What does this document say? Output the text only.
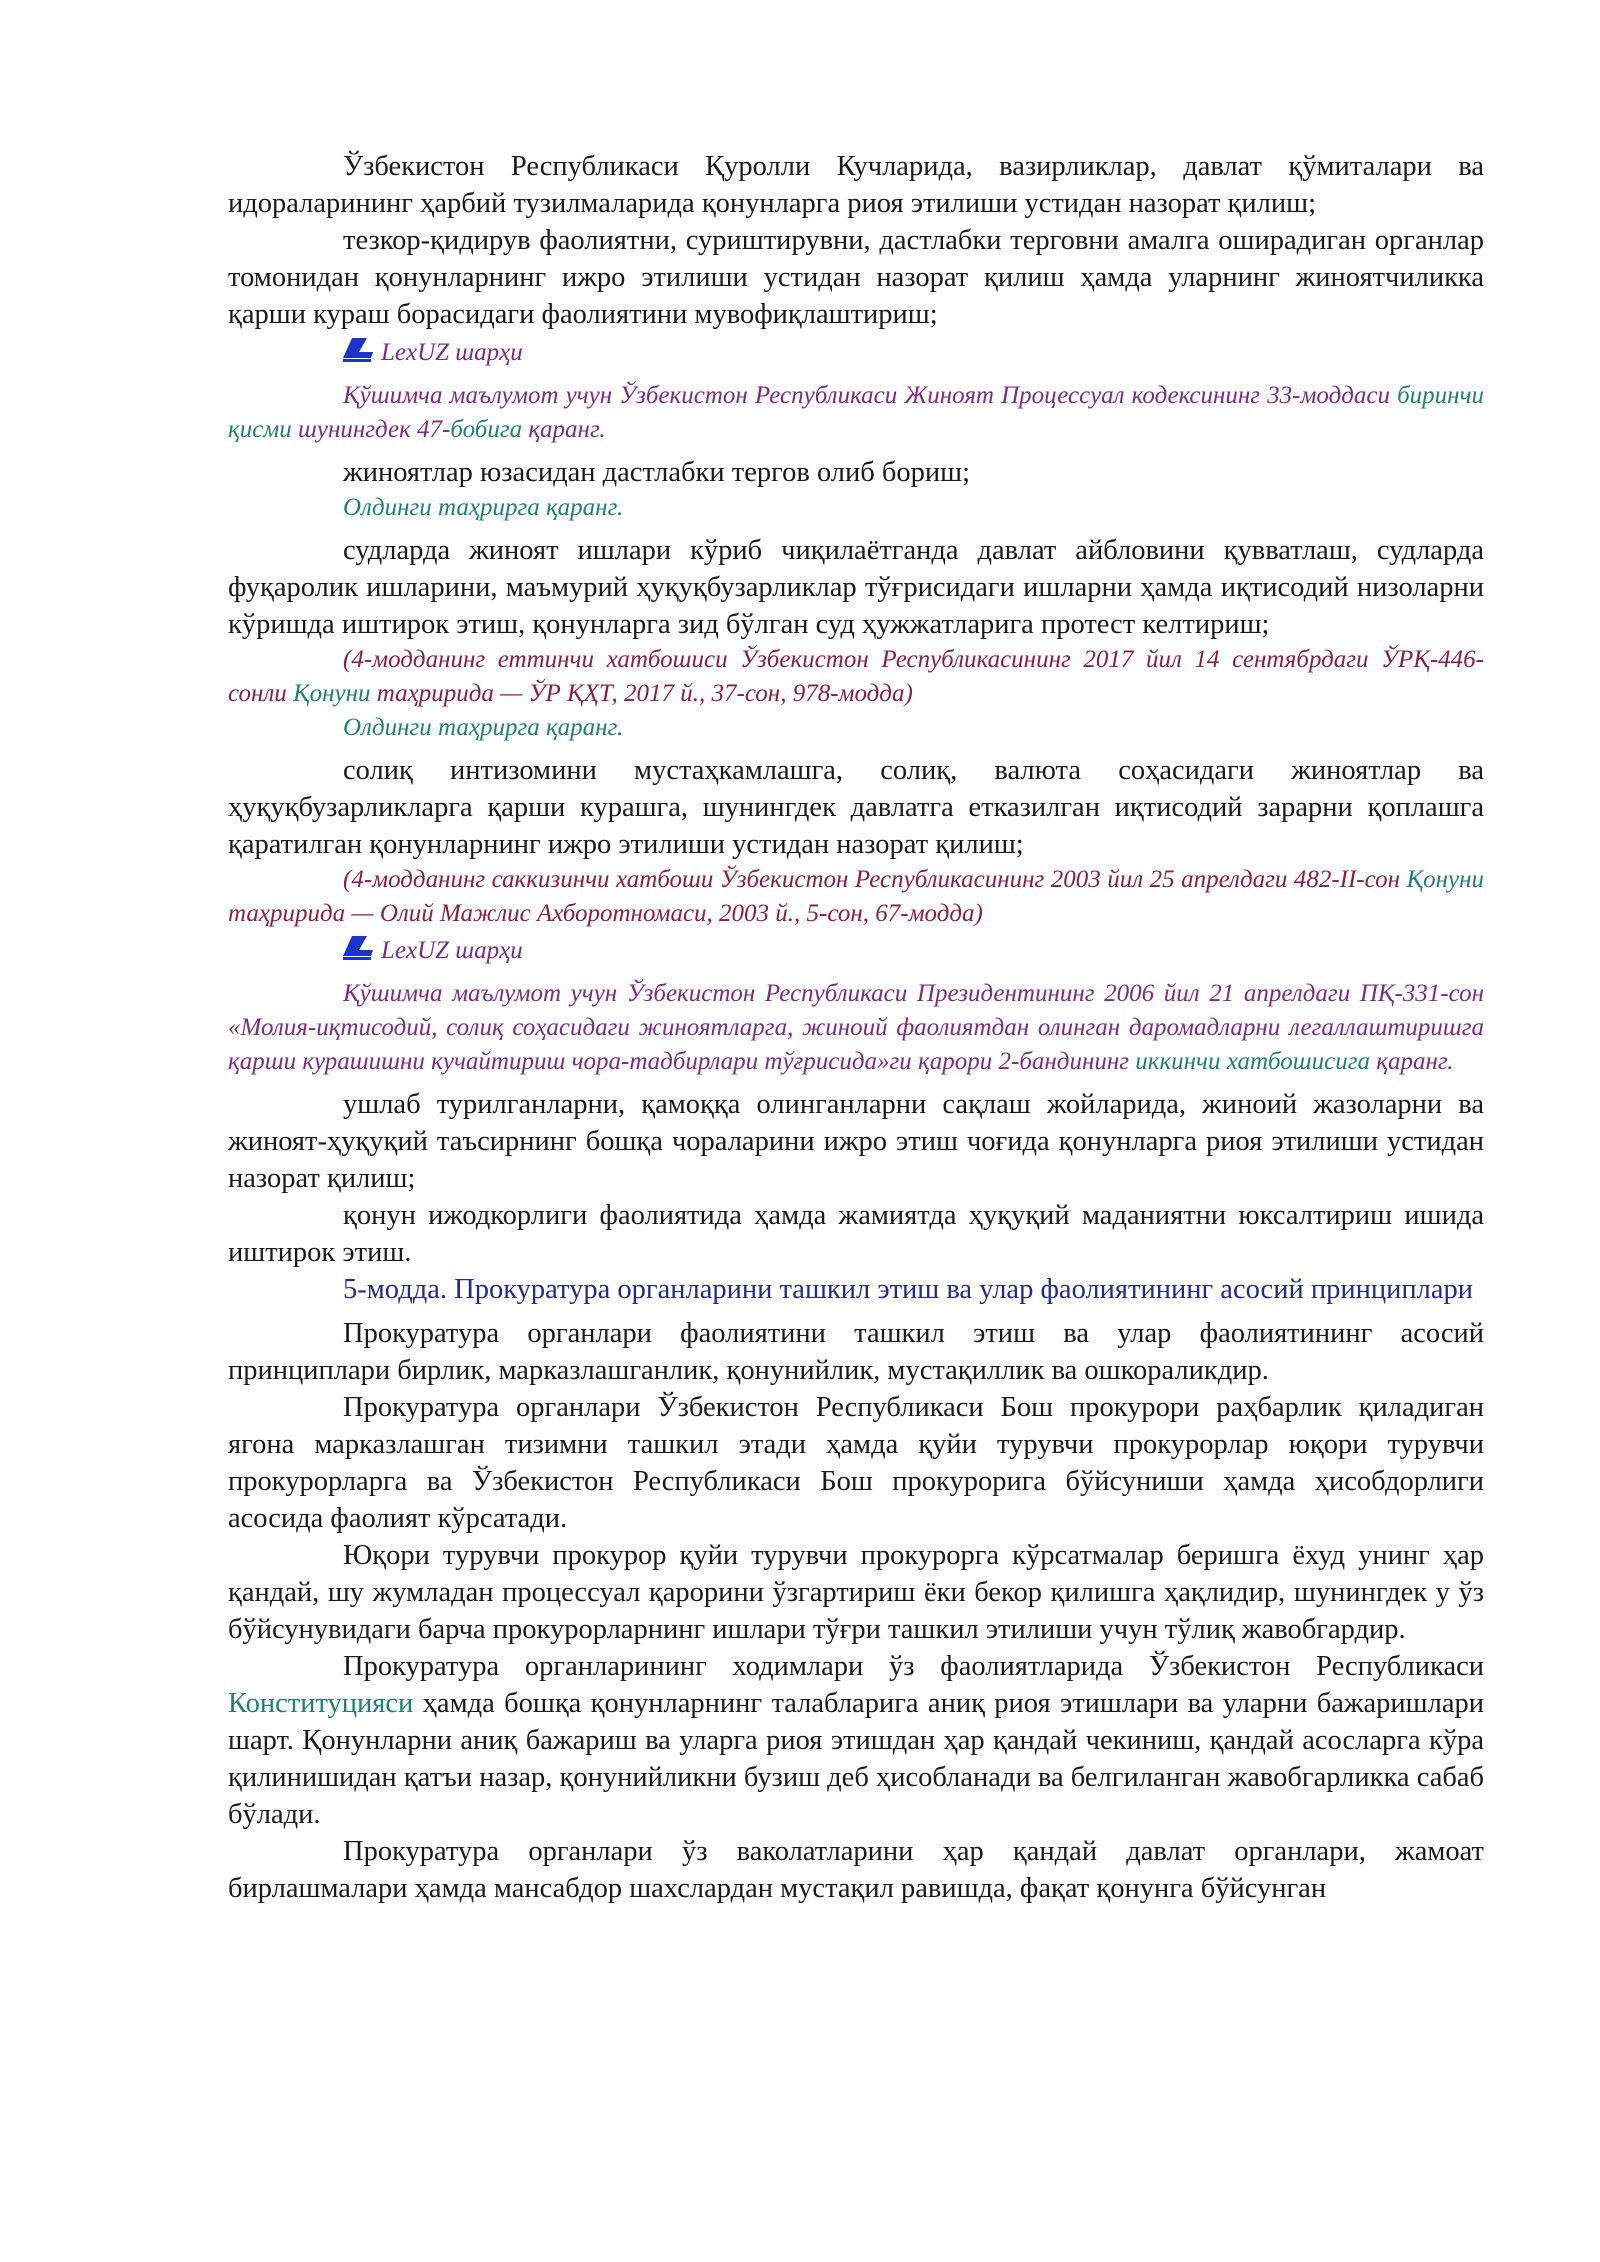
Ўзбекистон Республикаси Қуролли Кучларида, вазирликлар, давлат қўмиталари ва идораларининг ҳарбий тузилмаларида қонунларга риоя этилиши устидан назорат қилиш;

тезкор-қидирув фаолиятни, суриштирувни, дастлабки терговни амалга оширадиган органлар томонидан қонунларнинг ижро этилиши устидан назорат қилиш ҳамда уларнинг жиноятчиликка қарши кураш борасидаги фаолиятини мувофиқлаштириш;

LexUZ шарҳи

Қўшимча маълумот учун Ўзбекистон Республикаси Жиноят Процессуал кодексининг 33-моддаси биринчи қисми шунингдек 47-бобига қаранг.

жиноятлар юзасидан дастлабки тергов олиб бориш;

Олдинги таҳрирга қаранг.

судларда жиноят ишлари кўриб чиқилаётганда давлат айбловини қувватлаш, судларда фуқаролик ишларини, маъмурий ҳуқуқбузарликлар тўғрисидаги ишларни ҳамда иқтисодий низоларни кўришда иштирок этиш, қонунларга зид бўлган суд ҳужжатларига протест келтириш;

(4-модданинг еттинчи хатбошиси Ўзбекистон Республикасининг 2017 йил 14 сентябрдаги ЎРҚ-446-сонли Қонуни таҳририда — ЎР ҚҲТ, 2017 й., 37-сон, 978-модда)

Олдинги таҳрирга қаранг.

солиқ интизомини мустаҳкамлашга, солиқ, валюта соҳасидаги жиноятлар ва ҳуқуқбузарликларга қарши курашга, шунингдек давлатга етказилган иқтисодий зарарни қоплашга қаратилган қонунларнинг ижро этилиши устидан назорат қилиш;

(4-модданинг саккизинчи хатбоши Ўзбекистон Республикасининг 2003 йил 25 апрелдаги 482-II-сон Қонуни таҳририда — Олий Мажлис Ахборотномаси, 2003 й., 5-сон, 67-модда)

LexUZ шарҳи

Қўшимча маълумот учун Ўзбекистон Республикаси Президентининг 2006 йил 21 апрелдаги ПҚ-331-сон «Молия-иқтисодий, солиқ соҳасидаги жиноятларга, жиноий фаолиятдан олинган даромадларни легаллаштиришга қарши курашишни кучайтириш чора-тадбирлари тўғрисида»ги қарори 2-бандининг иккинчи хатбошисига қаранг.

ушлаб турилганларни, қамоққа олинганларни сақлаш жойларида, жиноий жазоларни ва жиноят-ҳуқуқий таъсирнинг бошқа чораларини ижро этиш чоғида қонунларга риоя этилиши устидан назорат қилиш;

қонун ижодкорлиги фаолиятида ҳамда жамиятда ҳуқуқий маданиятни юксалтириш ишида иштирок этиш.

5-модда. Прокуратура органларини ташкил этиш ва улар фаолиятининг асосий принциплари

Прокуратура органлари фаолиятини ташкил этиш ва улар фаолиятининг асосий принциплари бирлик, марказлашганлик, қонунийлик, мустақиллик ва ошкораликдир.

Прокуратура органлари Ўзбекистон Республикаси Бош прокурори раҳбарлик қиладиган ягона марказлашган тизимни ташкил этади ҳамда қуйи турувчи прокурорлар юқори турувчи прокурорларга ва Ўзбекистон Республикаси Бош прокурорига бўйсуниши ҳамда ҳисобдорлиги асосида фаолият кўрсатади.

Юқори турувчи прокурор қуйи турувчи прокурорга кўрсатмалар беришга ёхуд унинг ҳар қандай, шу жумладан процессуал қарорини ўзгартириш ёки бекор қилишга ҳақлидир, шунингдек у ўз бўйсунувидаги барча прокурорларнинг ишлари тўғри ташкил этилиши учун тўлиқ жавобгардир.

Прокуратура органларининг ходимлари ўз фаолиятларида Ўзбекистон Республикаси Конституцияси ҳамда бошқа қонунларнинг талабларига аниқ риоя этишлари ва уларни бажаришлари шарт. Қонунларни аниқ бажариш ва уларга риоя этишдан ҳар қандай чекиниш, қандай асосларга кўра қилинишидан қатъи назар, қонунийликни бузиш деб ҳисобланади ва белгиланган жавобгарликка сабаб бўлади.

Прокуратура органлари ўз ваколатларини ҳар қандай давлат органлари, жамоат бирлашмалари ҳамда мансабдор шахслардан мустақил равишда, фақат қонунга бўйсунган
